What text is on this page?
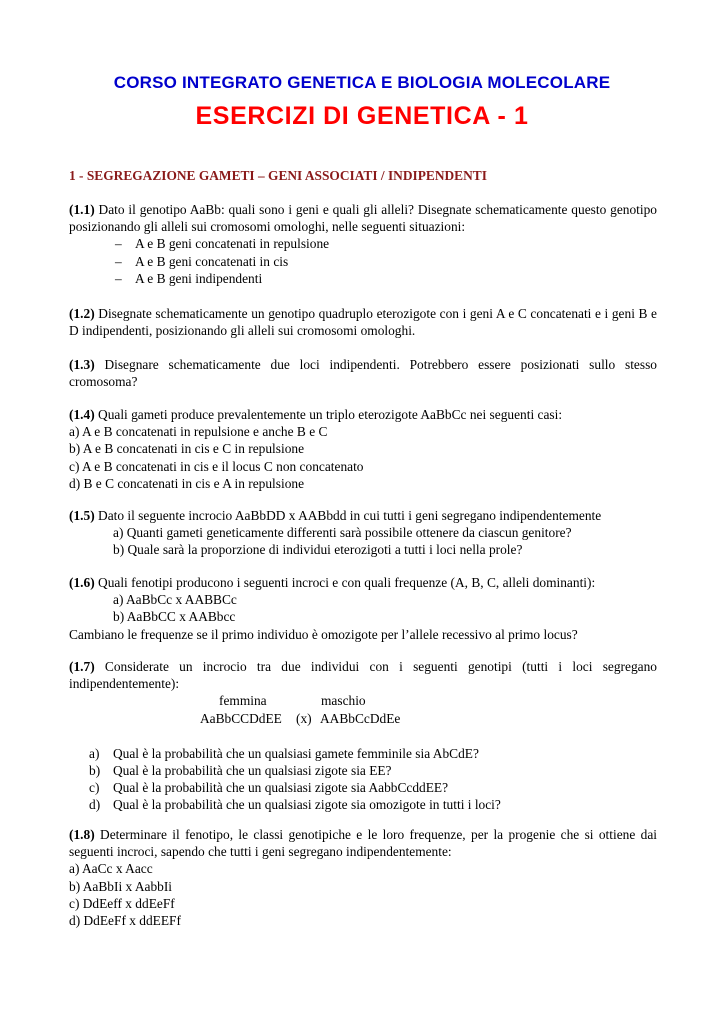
CORSO INTEGRATO GENETICA E BIOLOGIA MOLECOLARE
ESERCIZI DI GENETICA - 1
1 - SEGREGAZIONE GAMETI – GENI ASSOCIATI / INDIPENDENTI
(1.1) Dato il genotipo AaBb: quali sono i geni e quali gli alleli? Disegnate schematicamente questo genotipo posizionando gli alleli sui cromosomi omologhi, nelle seguenti situazioni:
– A e B geni concatenati in repulsione
– A e B geni concatenati in cis
– A e B geni indipendenti
(1.2) Disegnate schematicamente un genotipo quadruplo eterozigote con i geni A e C concatenati e i geni B e D indipendenti, posizionando gli alleli sui cromosomi omologhi.
(1.3) Disegnare schematicamente due loci indipendenti. Potrebbero essere posizionati sullo stesso cromosoma?
(1.4) Quali gameti produce prevalentemente un triplo eterozigote AaBbCc nei seguenti casi:
a) A e B concatenati in repulsione e anche B e C
b) A e B concatenati in cis e C in repulsione
c) A e B concatenati in cis e il locus C non concatenato
d) B e C concatenati in cis e A in repulsione
(1.5) Dato il seguente incrocio AaBbDD x AABbdd in cui tutti i geni segregano indipendentemente
a) Quanti gameti geneticamente differenti sarà possibile ottenere da ciascun genitore?
b) Quale sarà la proporzione di individui eterozigoti a tutti i loci nella prole?
(1.6) Quali fenotipi producono i seguenti incroci e con quali frequenze (A, B, C, alleli dominanti):
a) AaBbCc x AABBCc
b) AaBbCC x AABbcc
Cambiano le frequenze se il primo individuo è omozigote per l’allele recessivo al primo locus?
(1.7) Considerate un incrocio tra due individui con i seguenti genotipi (tutti i loci segregano indipendentemente):
femmina	maschio
AaBbCCDdEE (x) AABbCcDdEe
a) Qual è la probabilità che un qualsiasi gamete femminile sia AbCdE?
b) Qual è la probabilità che un qualsiasi zigote sia EE?
c) Qual è la probabilità che un qualsiasi zigote sia AabbCcddEE?
d) Qual è la probabilità che un qualsiasi zigote sia omozigote in tutti i loci?
(1.8) Determinare il fenotipo, le classi genotipiche e le loro frequenze, per la progenie che si ottiene dai seguenti incroci, sapendo che tutti i geni segregano indipendentemente:
a) AaCc x Aacc
b) AaBbIi x AabbIi
c) DdEeff x ddEeFf
d) DdEeFf x ddEEFf
